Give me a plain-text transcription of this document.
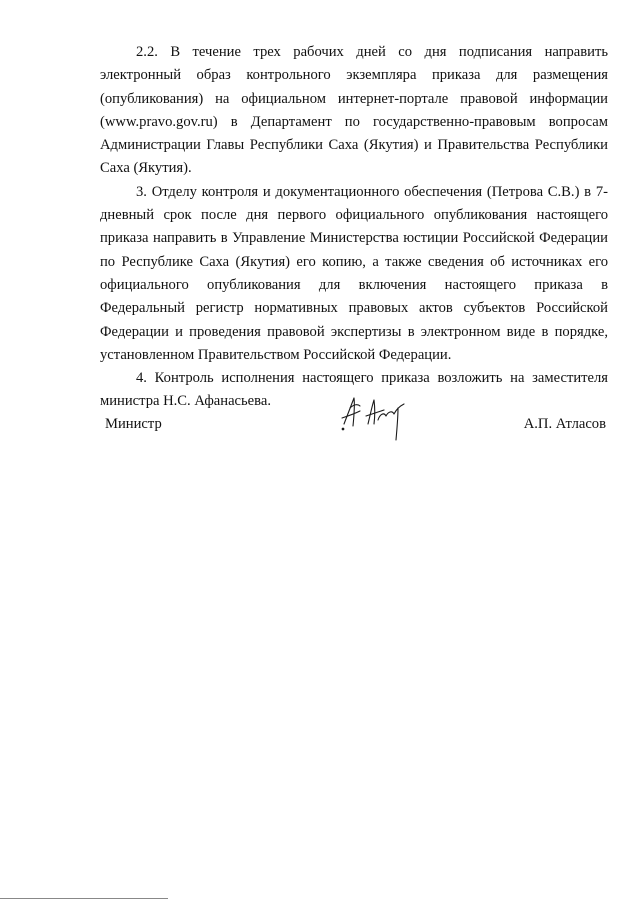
2.2. В течение трех рабочих дней со дня подписания направить электронный образ контрольного экземпляра приказа для размещения (опубликования) на официальном интернет-портале правовой информации (www.pravo.gov.ru) в Департамент по государственно-правовым вопросам Администрации Главы Республики Саха (Якутия) и Правительства Республики Саха (Якутия).

3. Отделу контроля и документационного обеспечения (Петрова С.В.) в 7-дневный срок после дня первого официального опубликования настоящего приказа направить в Управление Министерства юстиции Российской Федерации по Республике Саха (Якутия) его копию, а также сведения об источниках его официального опубликования для включения настоящего приказа в Федеральный регистр нормативных правовых актов субъектов Российской Федерации и проведения правовой экспертизы в электронном виде в порядке, установленном Правительством Российской Федерации.

4. Контроль исполнения настоящего приказа возложить на заместителя министра Н.С. Афанасьева.

Министр	А.П. Атласов
